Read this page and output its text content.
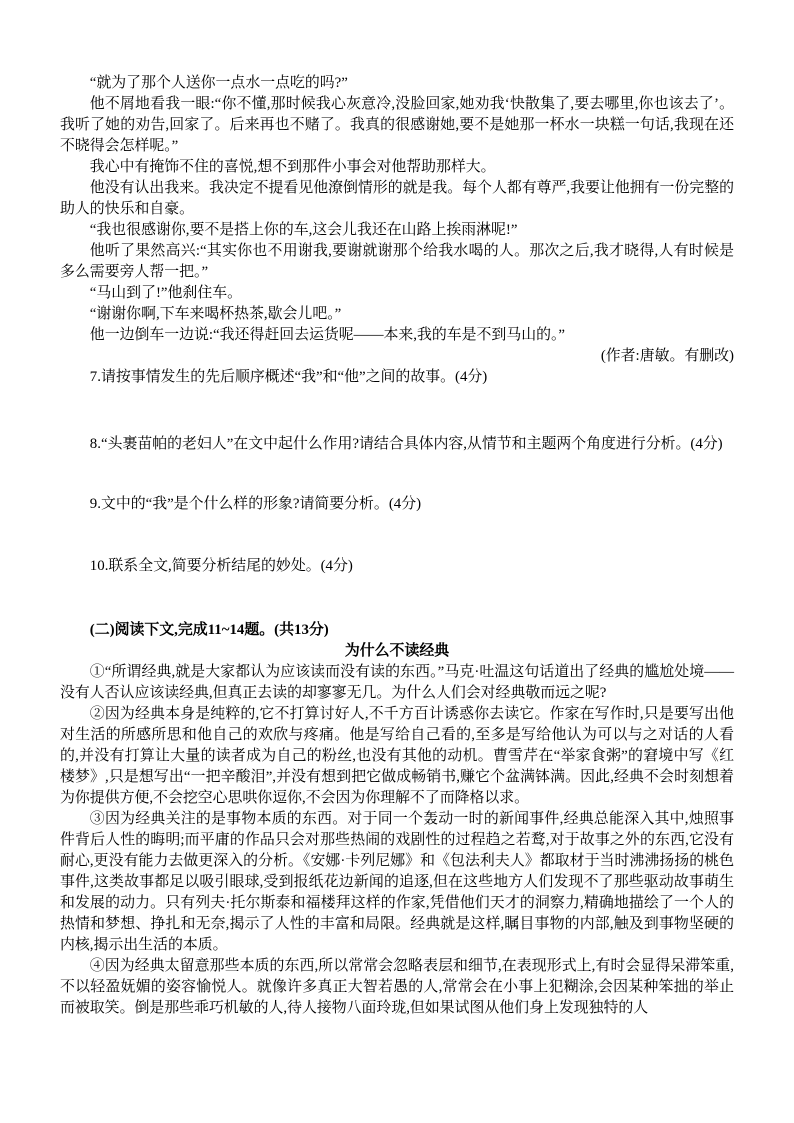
“就为了那个人送你一点水一点吃的吗?”

他不屑地看我一眼:“你不懂,那时候我心灰意冷,没脸回家,她劝我‘快散集了,要去哪里,你也该去了’。我听了她的劝告,回家了。后来再也不赌了。我真的很感谢她,要不是她那一杯水一块糕一句话,我现在还不晓得会怎样呢。”

我心中有掩饰不住的喜悦,想不到那件小事会对他帮助那样大。

他没有认出我来。我决定不提看见他潦倒情形的就是我。每个人都有尊严,我要让他拥有一份完整的助人的快乐和自豪。

“我也很感谢你,要不是搭上你的车,这会儿我还在山路上挨雨淋呢!”

他听了果然高兴:“其实你也不用谢我,要谢就谢那个给我水喝的人。那次之后,我才晓得,人有时候是多么需要旁人帮一把。”

“马山到了!”他刹住车。

“谢谢你啊,下车来喝杯热茶,歇会儿吧。”

他一边倒车一边说:“我还得赶回去运货呢——本来,我的车是不到马山的。”

(作者:唐敏。有删改)

7.请按事情发生的先后顺序概述“我”和“他”之间的故事。(4分)

8.“头裹苗帕的老妇人”在文中起什么作用?请结合具体内容,从情节和主题两个角度进行分析。(4分)

9.文中的“我”是个什么样的形象?请简要分析。(4分)

10.联系全文,简要分析结尾的妙处。(4分)

(二)阅读下文,完成11~14题。(共13分)

为什么不读经典

①“所谓经典,就是大家都认为应该读而没有读的东西。”马克·吐温这句话道出了经典的尴尬处境——没有人否认应该读经典,但真正去读的却寥寥无几。为什么人们会对经典敬而远之呢?

②因为经典本身是纯粹的,它不打算讨好人,不千方百计诱惑你去读它。作家在写作时,只是要写出他对生活的所感所思和他自己的欢欣与疼痛。他是写给自己看的,至多是写给他认为可以与之对话的人看的,并没有打算让大量的读者成为自己的粉丝,也没有其他的动机。曹雪芹在“举家食粥”的窘境中写《红楼梦》,只是想写出“一把辛酸泪”,并没有想到把它做成畅销书,赚它个盆满钵满。因此,经典不会时刻想着为你提供方便,不会挖空心思哄你逗你,不会因为你理解不了而降格以求。

③因为经典关注的是事物本质的东西。对于同一个轰动一时的新闻事件,经典总能深入其中,烛照事件背后人性的晦明;而平庸的作品只会对那些热闹的戏剧性的过程趋之若鹜,对于故事之外的东西,它没有耐心,更没有能力去做更深入的分析。《安娜·卡列尼娜》和《包法利夫人》都取材于当时沸沸扬扬的桃色事件,这类故事都足以吸引眼球,受到报纸花边新闻的追逐,但在这些地方人们发现不了那些驱动故事萌生和发展的动力。只有列夫·托尔斯泰和福楼拜这样的作家,凭借他们天才的洞察力,精确地描绘了一个人的热情和梦想、挣扎和无奈,揭示了人性的丰富和局限。经典就是这样,瞩目事物的内部,触及到事物坚硬的内核,揭示出生活的本质。

④因为经典太留意那些本质的东西,所以常常会忽略表层和细节,在表现形式上,有时会显得呆滞笨重,不以轻盈妩媚的姿容愉悦人。就像许多真正大智若愚的人,常常会在小事上犯糊涂,会因某种笨拙的举止而被取笑。倒是那些乖巧机敏的人,待人接物八面玲珑,但如果试图从他们身上发现独特的人
